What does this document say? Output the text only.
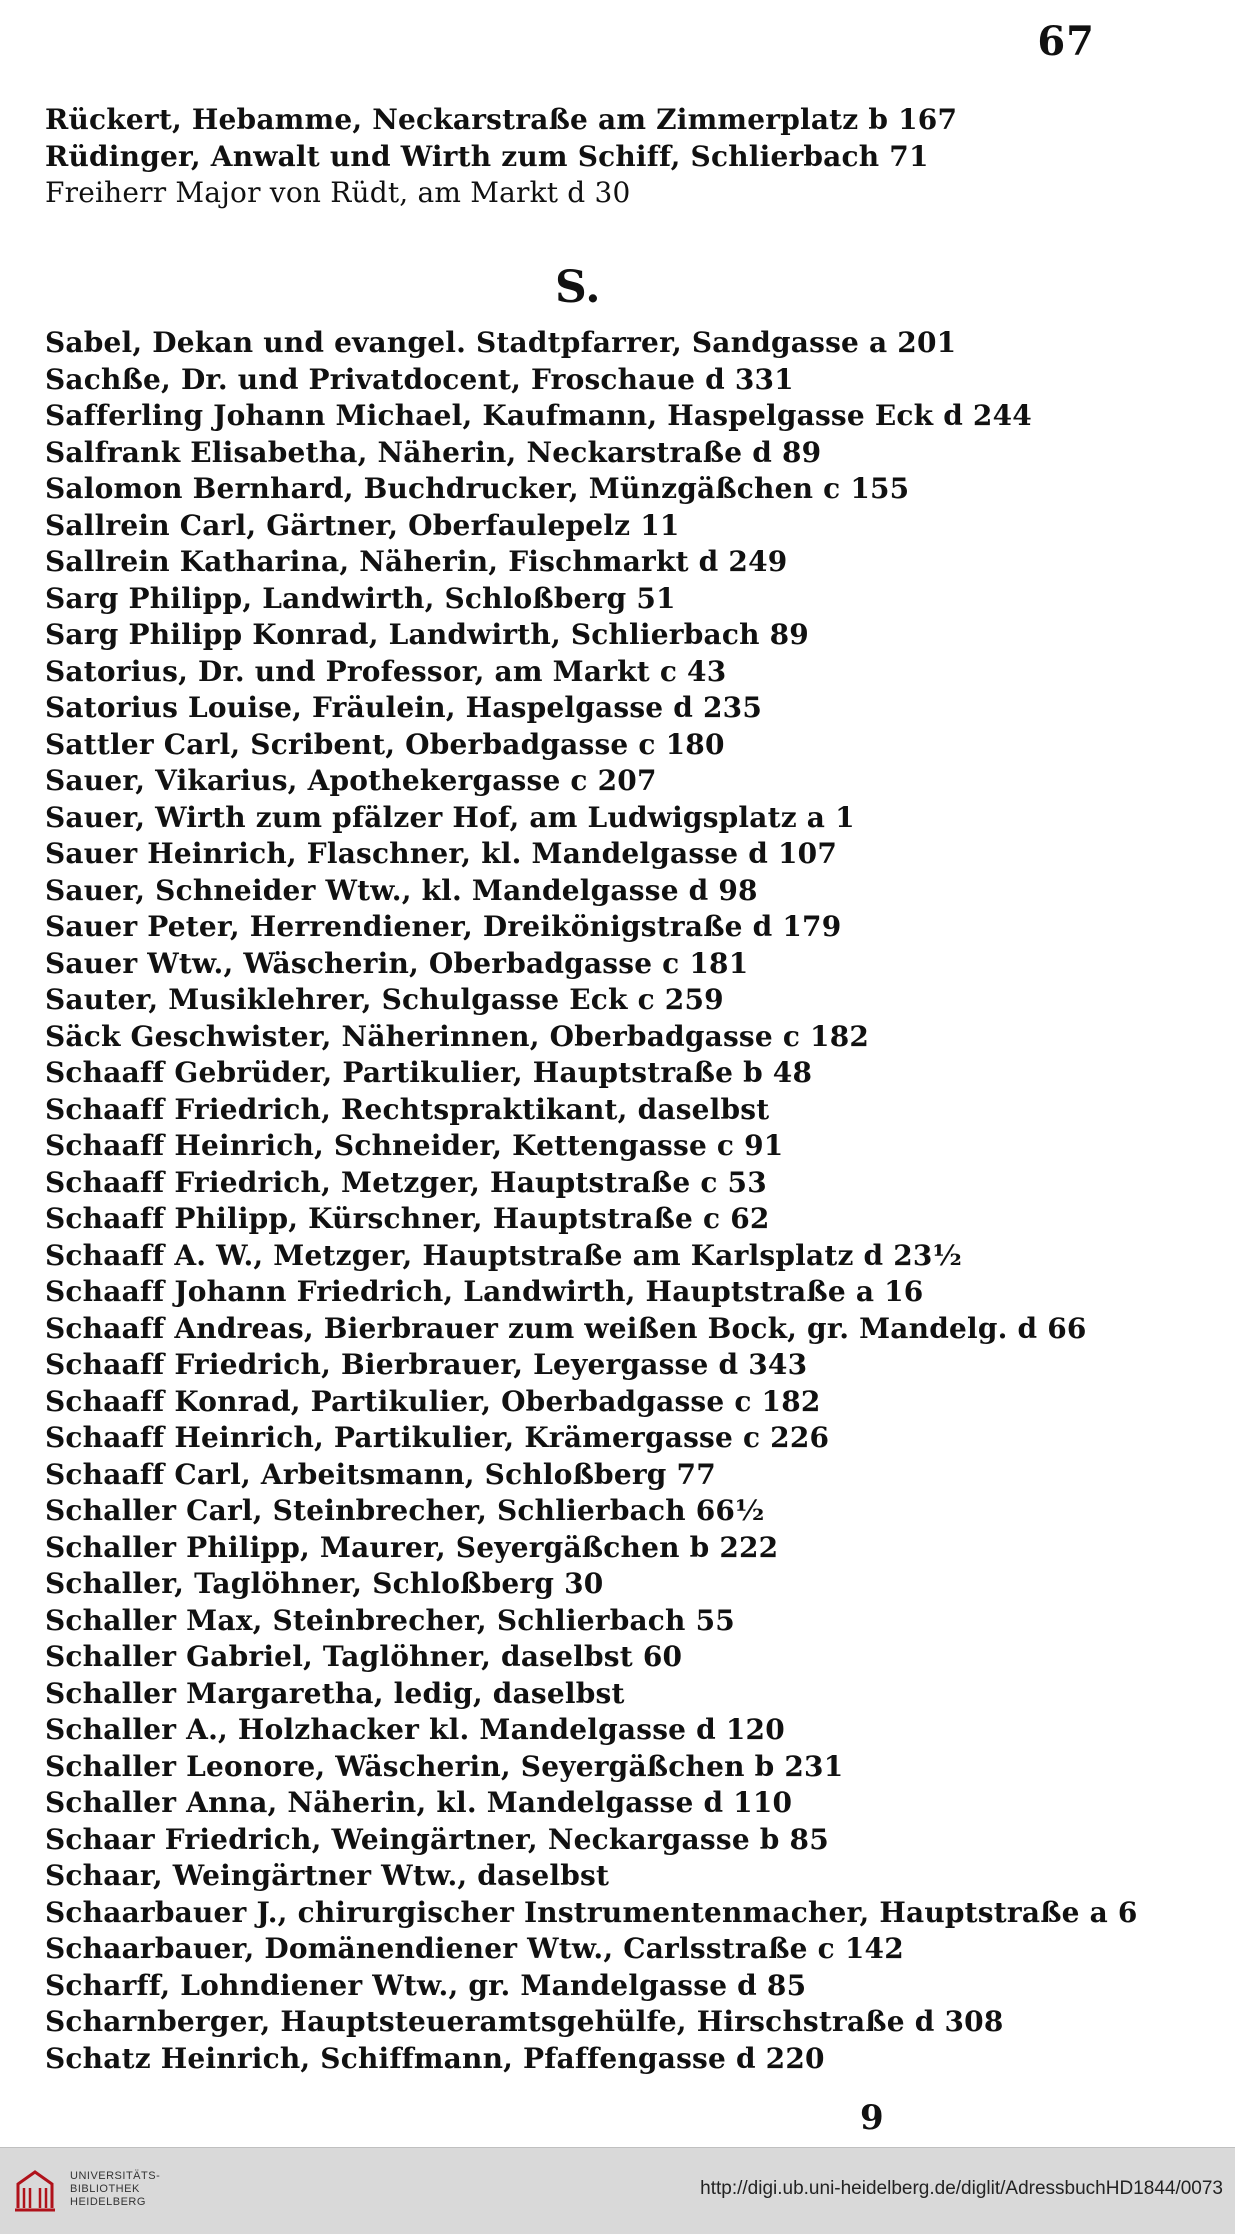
67
Rückert, Hebamme, Neckarstraße am Zimmerplatz b 167
Rüdinger, Anwalt und Wirth zum Schiff, Schlierbach 71
Freiherr Major von Rüdt, am Markt d 30
S.
Sabel, Dekan und evangel. Stadtpfarrer, Sandgasse a 201
Sachße, Dr. und Privatdocent, Froschaue d 331
Safferling Johann Michael, Kaufmann, Haspelgasse Eck d 244
Salfrank Elisabetha, Näherin, Neckarstraße d 89
Salomon Bernhard, Buchdrucker, Münzgäßchen c 155
Sallrein Carl, Gärtner, Oberfaulepelz 11
Sallrein Katharina, Näherin, Fischmarkt d 249
Sarg Philipp, Landwirth, Schloßberg 51
Sarg Philipp Konrad, Landwirth, Schlierbach 89
Satorius, Dr. und Professor, am Markt c 43
Satorius Louise, Fräulein, Haspelgasse d 235
Sattler Carl, Scribent, Oberbadgasse c 180
Sauer, Vikarius, Apothekergasse c 207
Sauer, Wirth zum pfälzer Hof, am Ludwigsplatz a 1
Sauer Heinrich, Flaschner, kl. Mandelgasse d 107
Sauer, Schneider Wtw., kl. Mandelgasse d 98
Sauer Peter, Herrendiener, Dreikönigstraße d 179
Sauer Wtw., Wäscherin, Oberbadgasse c 181
Sauter, Musiklehrer, Schulgasse Eck c 259
Säck Geschwister, Näherinnen, Oberbadgasse c 182
Schaaff Gebrüder, Partikulier, Hauptstraße b 48
Schaaff Friedrich, Rechtspraktikant, daselbst
Schaaff Heinrich, Schneider, Kettengasse c 91
Schaaff Friedrich, Metzger, Hauptstraße c 53
Schaaff Philipp, Kürschner, Hauptstraße c 62
Schaaff A. W., Metzger, Hauptstraße am Karlsplatz d 23½
Schaaff Johann Friedrich, Landwirth, Hauptstraße a 16
Schaaff Andreas, Bierbrauer zum weißen Bock, gr. Mandelg. d 66
Schaaff Friedrich, Bierbrauer, Leyergasse d 343
Schaaff Konrad, Partikulier, Oberbadgasse c 182
Schaaff Heinrich, Partikulier, Krämergasse c 226
Schaaff Carl, Arbeitsmann, Schloßberg 77
Schaller Carl, Steinbrecher, Schlierbach 66½
Schaller Philipp, Maurer, Seyergäßchen b 222
Schaller, Taglöhner, Schloßberg 30
Schaller Max, Steinbrecher, Schlierbach 55
Schaller Gabriel, Taglöhner, daselbst 60
Schaller Margaretha, ledig, daselbst
Schaller A., Holzhacker kl. Mandelgasse d 120
Schaller Leonore, Wäscherin, Seyergäßchen b 231
Schaller Anna, Näherin, kl. Mandelgasse d 110
Schaar Friedrich, Weingärtner, Neckargasse b 85
Schaar, Weingärtner Wtw., daselbst
Schaarbauer J., chirurgischer Instrumentenmacher, Hauptstraße a 6
Schaarbauer, Domänendiener Wtw., Carlsstraße c 142
Scharff, Lohndiener Wtw., gr. Mandelgasse d 85
Scharnberger, Hauptsteueramtsgehülfe, Hirschstraße d 308
Schatz Heinrich, Schiffmann, Pfaffengasse d 220
9
UNIVERSITÄTS-
BIBLIOTHEK
HEIDELBERG
http://digi.ub.uni-heidelberg.de/diglit/AdressbuchHD1844/0073
